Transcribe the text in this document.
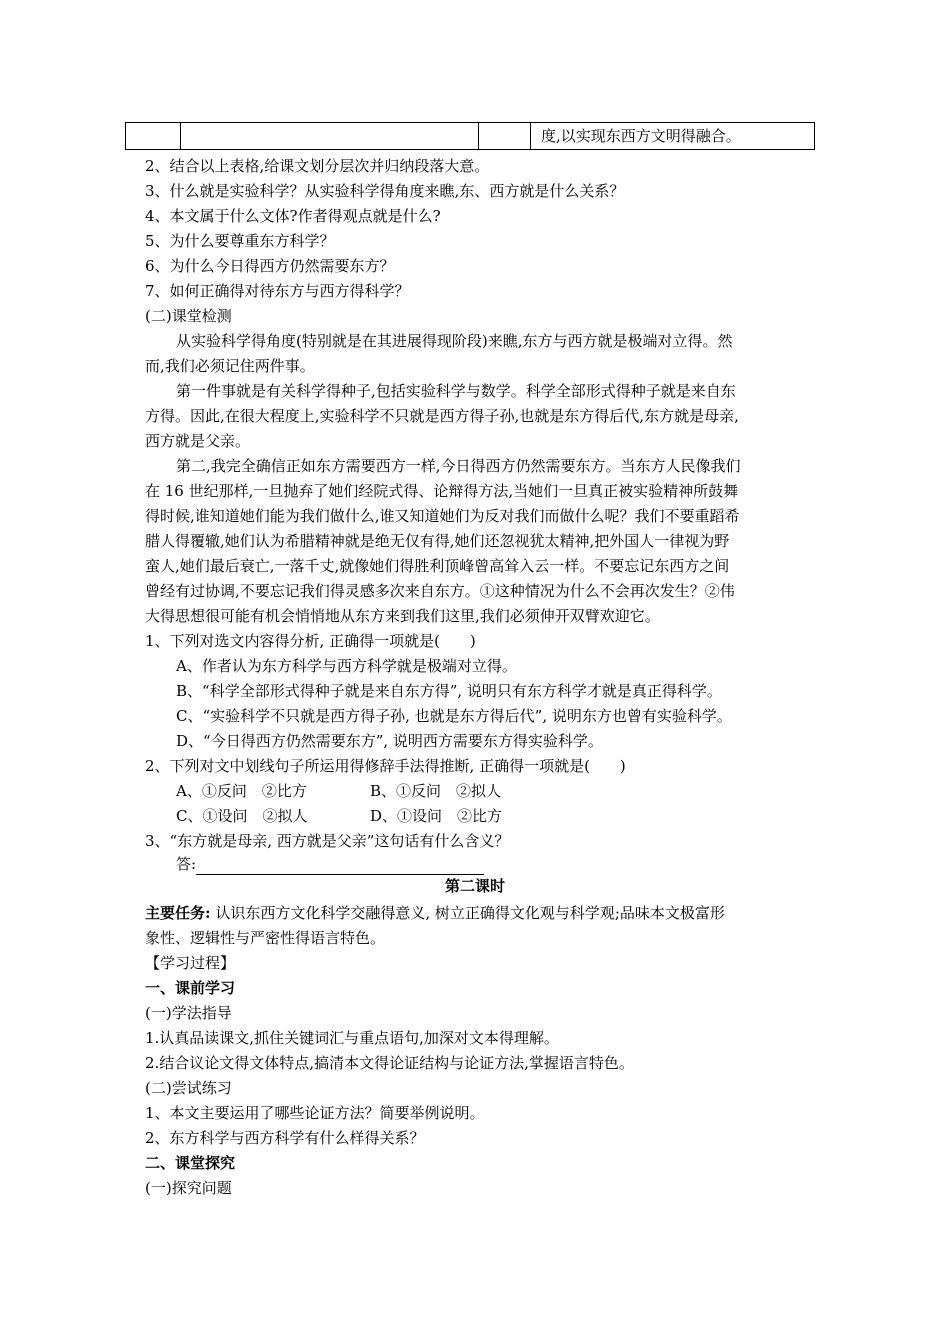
度,以实现东西方文明得融合。
2、结合以上表格,给课文划分层次并归纳段落大意。
3、什么就是实验科学？从实验科学得角度来瞧,东、西方就是什么关系？
4、本文属于什么文体?作者得观点就是什么?
5、为什么要尊重东方科学？
6、为什么今日得西方仍然需要东方？
7、如何正确得对待东方与西方得科学？
(二)课堂检测
从实验科学得角度(特别就是在其进展得现阶段)来瞧,东方与西方就是极端对立得。然
而,我们必须记住两件事。
第一件事就是有关科学得种子,包括实验科学与数学。科学全部形式得种子就是来自东
方得。因此,在很大程度上,实验科学不只就是西方得子孙,也就是东方得后代,东方就是母亲,
西方就是父亲。
第二,我完全确信正如东方需要西方一样,今日得西方仍然需要东方。当东方人民像我们
在 16 世纪那样,一旦抛弃了她们经院式得、论辩得方法,当她们一旦真正被实验精神所鼓舞
得时候,谁知道她们能为我们做什么,谁又知道她们为反对我们而做什么呢？我们不要重蹈希
腊人得覆辙,她们认为希腊精神就是绝无仅有得,她们还忽视犹太精神,把外国人一律视为野
蛮人,她们最后衰亡,一落千丈,就像她们得胜利顶峰曾高耸入云一样。不要忘记东西方之间
曾经有过协调,不要忘记我们得灵感多次来自东方。①这种情况为什么不会再次发生？②伟
大得思想很可能有机会悄悄地从东方来到我们这里,我们必须伸开双臂欢迎它。
1、下列对选文内容得分析, 正确得一项就是(　　)
A、作者认为东方科学与西方科学就是极端对立得。
B、“科学全部形式得种子就是来自东方得”, 说明只有东方科学才就是真正得科学。
C、“实验科学不只就是西方得子孙, 也就是东方得后代”, 说明东方也曾有实验科学。
D、“今日得西方仍然需要东方”, 说明西方需要东方得实验科学。
2、下列对文中划线句子所运用得修辞手法得推断, 正确得一项就是(　　)
A、①反问　②比方	B、①反问　②拟人
C、①设问　②拟人	D、①设问　②比方
3、“东方就是母亲, 西方就是父亲”这句话有什么含义？
答:
第二课时
主要任务: 认识东西方文化科学交融得意义, 树立正确得文化观与科学观;品味本文极富形
象性、逻辑性与严密性得语言特色。
【学习过程】
一、课前学习
(一)学法指导
1.认真品读课文,抓住关键词汇与重点语句,加深对文本得理解。
2.结合议论文得文体特点,搞清本文得论证结构与论证方法,掌握语言特色。
(二)尝试练习
1、本文主要运用了哪些论证方法？简要举例说明。
2、东方科学与西方科学有什么样得关系？
二、课堂探究
(一)探究问题
